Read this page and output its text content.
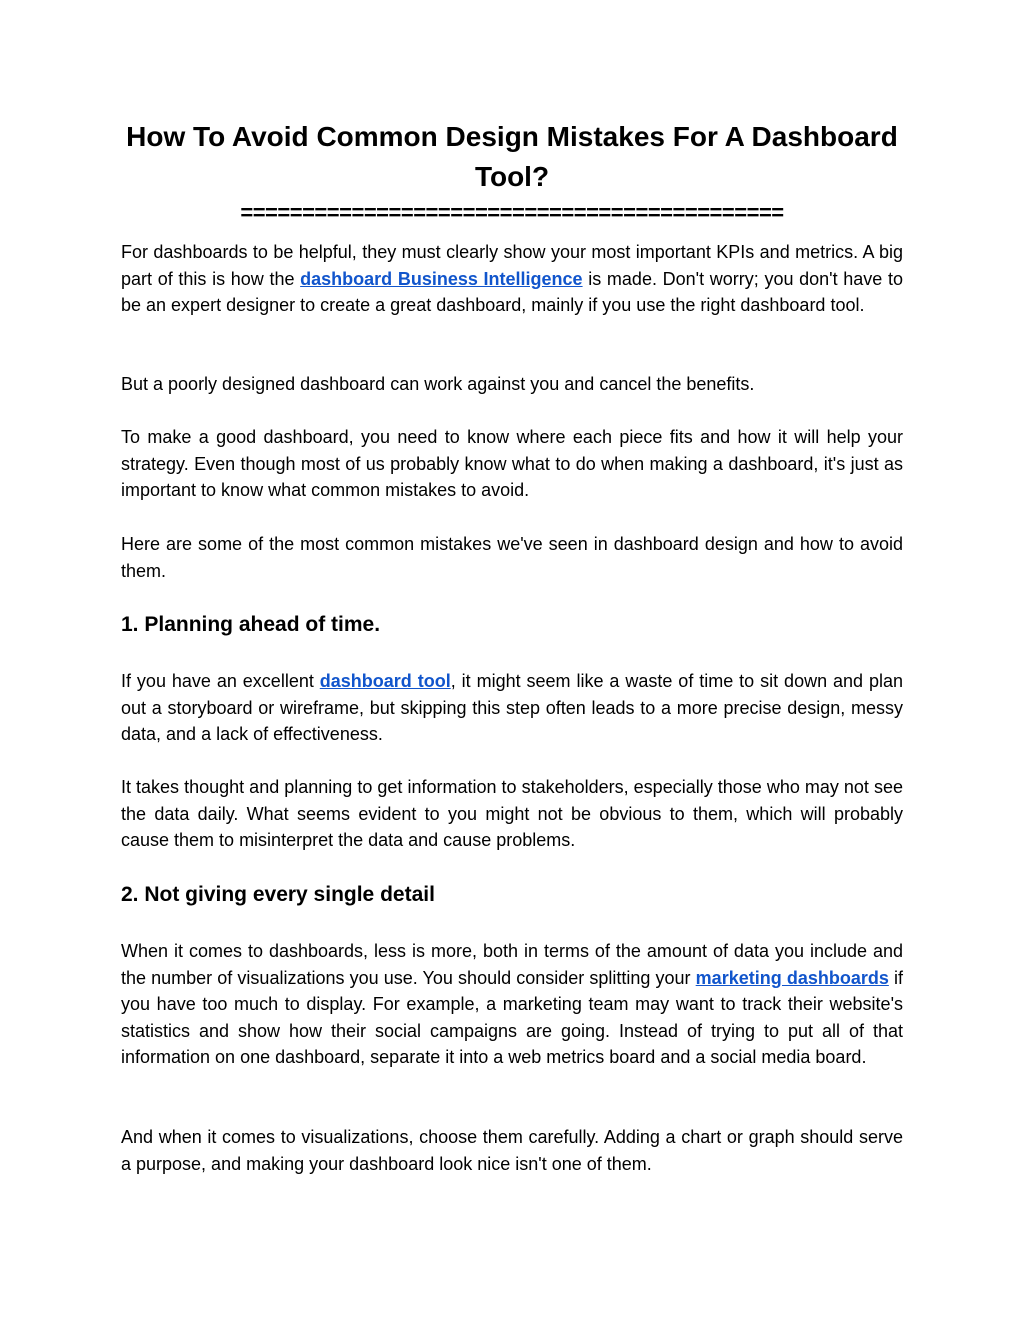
How To Avoid Common Design Mistakes For A Dashboard Tool?
============================================

For dashboards to be helpful, they must clearly show your most important KPIs and metrics. A big part of this is how the dashboard Business Intelligence is made. Don't worry; you don't have to be an expert designer to create a great dashboard, mainly if you use the right dashboard tool.

But a poorly designed dashboard can work against you and cancel the benefits.

To make a good dashboard, you need to know where each piece fits and how it will help your strategy. Even though most of us probably know what to do when making a dashboard, it's just as important to know what common mistakes to avoid.

Here are some of the most common mistakes we've seen in dashboard design and how to avoid them.

1. Planning ahead of time.

If you have an excellent dashboard tool, it might seem like a waste of time to sit down and plan out a storyboard or wireframe, but skipping this step often leads to a more precise design, messy data, and a lack of effectiveness.

It takes thought and planning to get information to stakeholders, especially those who may not see the data daily. What seems evident to you might not be obvious to them, which will probably cause them to misinterpret the data and cause problems.

2. Not giving every single detail

When it comes to dashboards, less is more, both in terms of the amount of data you include and the number of visualizations you use. You should consider splitting your marketing dashboards if you have too much to display. For example, a marketing team may want to track their website's statistics and show how their social campaigns are going. Instead of trying to put all of that information on one dashboard, separate it into a web metrics board and a social media board.

And when it comes to visualizations, choose them carefully. Adding a chart or graph should serve a purpose, and making your dashboard look nice isn't one of them.
